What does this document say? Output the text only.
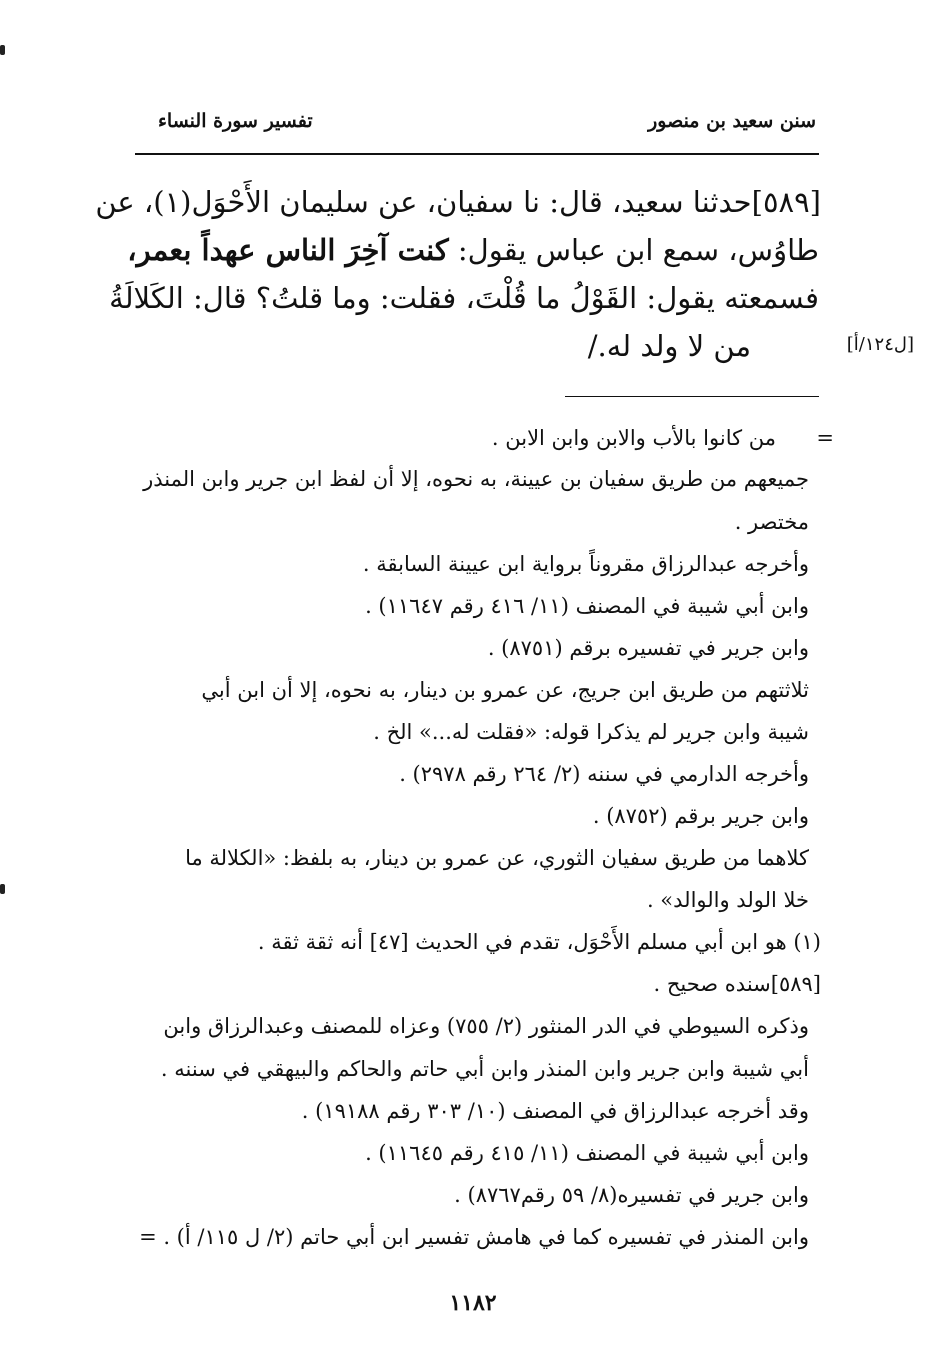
سنن سعيد بن منصور
تفسير سورة النساء
[٥٨٩]حدثنا سعيد، قال: نا سفيان، عن سليمان الأَحْوَل(١)، عن
طاوُس، سمع ابن عباس يقول: كنت آخِرَ الناس عهداً بعمر،
فسمعته يقول: القَوْلُ ما قُلْتَ، فقلت: وما قلتُ؟ قال: الكَلالَةُ
من لا ولد له./	[ل١٢٤/أ]
=
من كانوا بالأب والابن وابن الابن .
جميعهم من طريق سفيان بن عيينة، به نحوه، إلا أن لفظ ابن جرير وابن المنذر
مختصر .
وأخرجه عبدالرزاق مقروناً برواية ابن عيينة السابقة .
وابن أبي شيبة في المصنف (١١/ ٤١٦ رقم ١١٦٤٧) .
وابن جرير في تفسيره برقم (٨٧٥١) .
ثلاثتهم من طريق ابن جريج، عن عمرو بن دينار، به نحوه، إلا أن ابن أبي
شيبة وابن جرير لم يذكرا قوله: «فقلت له...» الخ .
وأخرجه الدارمي في سننه (٢/ ٢٦٤ رقم ٢٩٧٨) .
وابن جرير برقم (٨٧٥٢) .
كلاهما من طريق سفيان الثوري، عن عمرو بن دينار، به بلفظ: «الكلالة ما
خلا الولد والوالد» .
(١) هو ابن أبي مسلم الأَحْوَل، تقدم في الحديث [٤٧] أنه ثقة ثقة .
[٥٨٩]سنده صحيح .
وذكره السيوطي في الدر المنثور (٢/ ٧٥٥) وعزاه للمصنف وعبدالرزاق وابن
أبي شيبة وابن جرير وابن المنذر وابن أبي حاتم والحاكم والبيهقي في سننه .
وقد أخرجه عبدالرزاق في المصنف (١٠/ ٣٠٣ رقم ١٩١٨٨) .
وابن أبي شيبة في المصنف (١١/ ٤١٥ رقم ١١٦٤٥) .
وابن جرير في تفسيره(٨/ ٥٩ رقم٨٧٦٧) .
وابن المنذر في تفسيره كما في هامش تفسير ابن أبي حاتم (٢/ ل ١١٥/ أ) . =
١١٨٢
